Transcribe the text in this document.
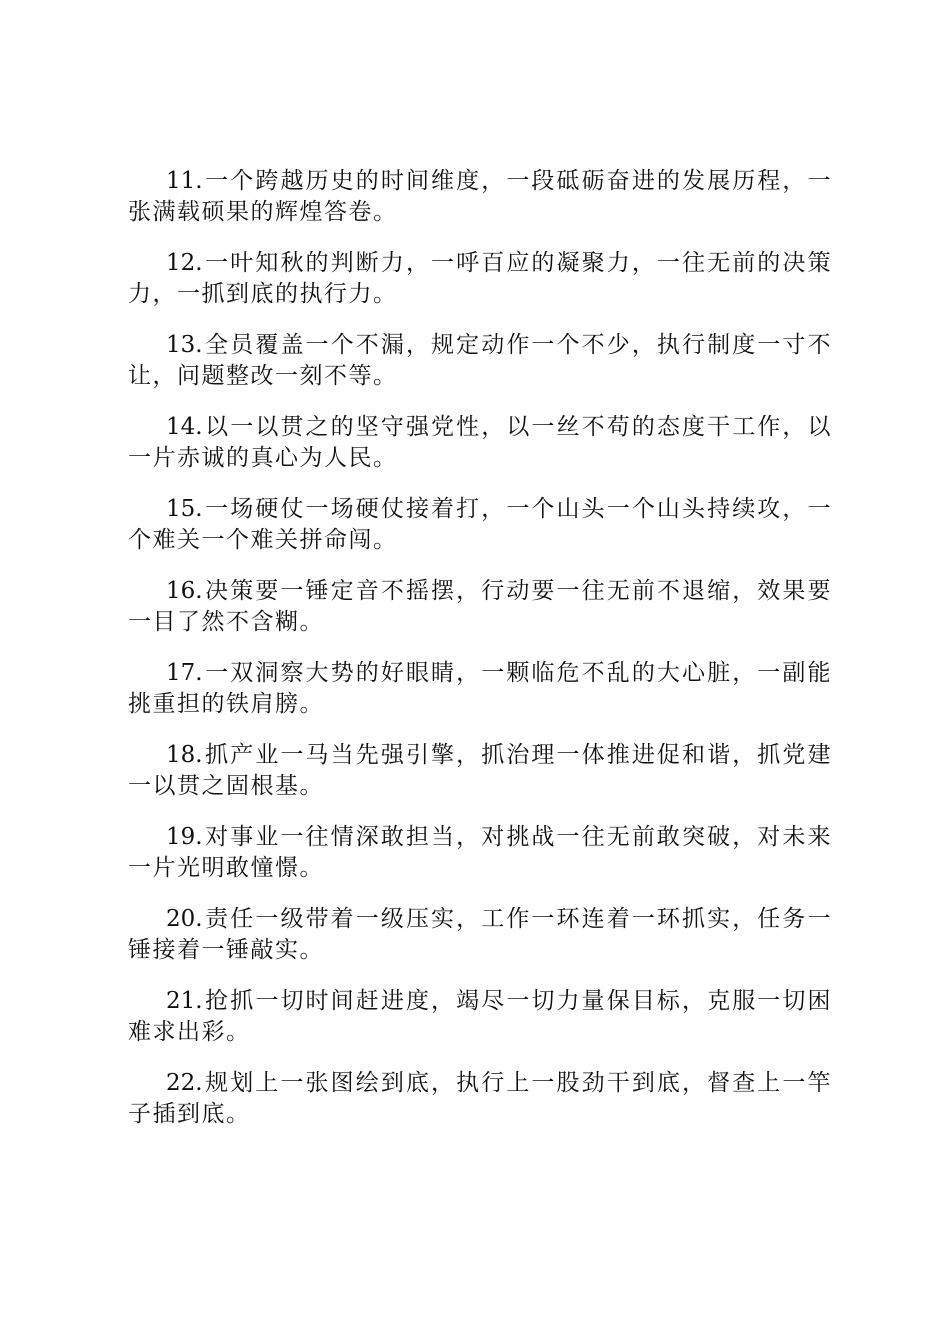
11.一个跨越历史的时间维度，一段砥砺奋进的发展历程，一张满载硕果的辉煌答卷。

12.一叶知秋的判断力，一呼百应的凝聚力，一往无前的决策力，一抓到底的执行力。

13.全员覆盖一个不漏，规定动作一个不少，执行制度一寸不让，问题整改一刻不等。

14.以一以贯之的坚守强党性，以一丝不苟的态度干工作，以一片赤诚的真心为人民。

15.一场硬仗一场硬仗接着打，一个山头一个山头持续攻，一个难关一个难关拼命闯。

16.决策要一锤定音不摇摆，行动要一往无前不退缩，效果要一目了然不含糊。

17.一双洞察大势的好眼睛，一颗临危不乱的大心脏，一副能挑重担的铁肩膀。

18.抓产业一马当先强引擎，抓治理一体推进促和谐，抓党建一以贯之固根基。

19.对事业一往情深敢担当，对挑战一往无前敢突破，对未来一片光明敢憧憬。

20.责任一级带着一级压实，工作一环连着一环抓实，任务一锤接着一锤敲实。

21.抢抓一切时间赶进度，竭尽一切力量保目标，克服一切困难求出彩。

22.规划上一张图绘到底，执行上一股劲干到底，督查上一竿子插到底。
